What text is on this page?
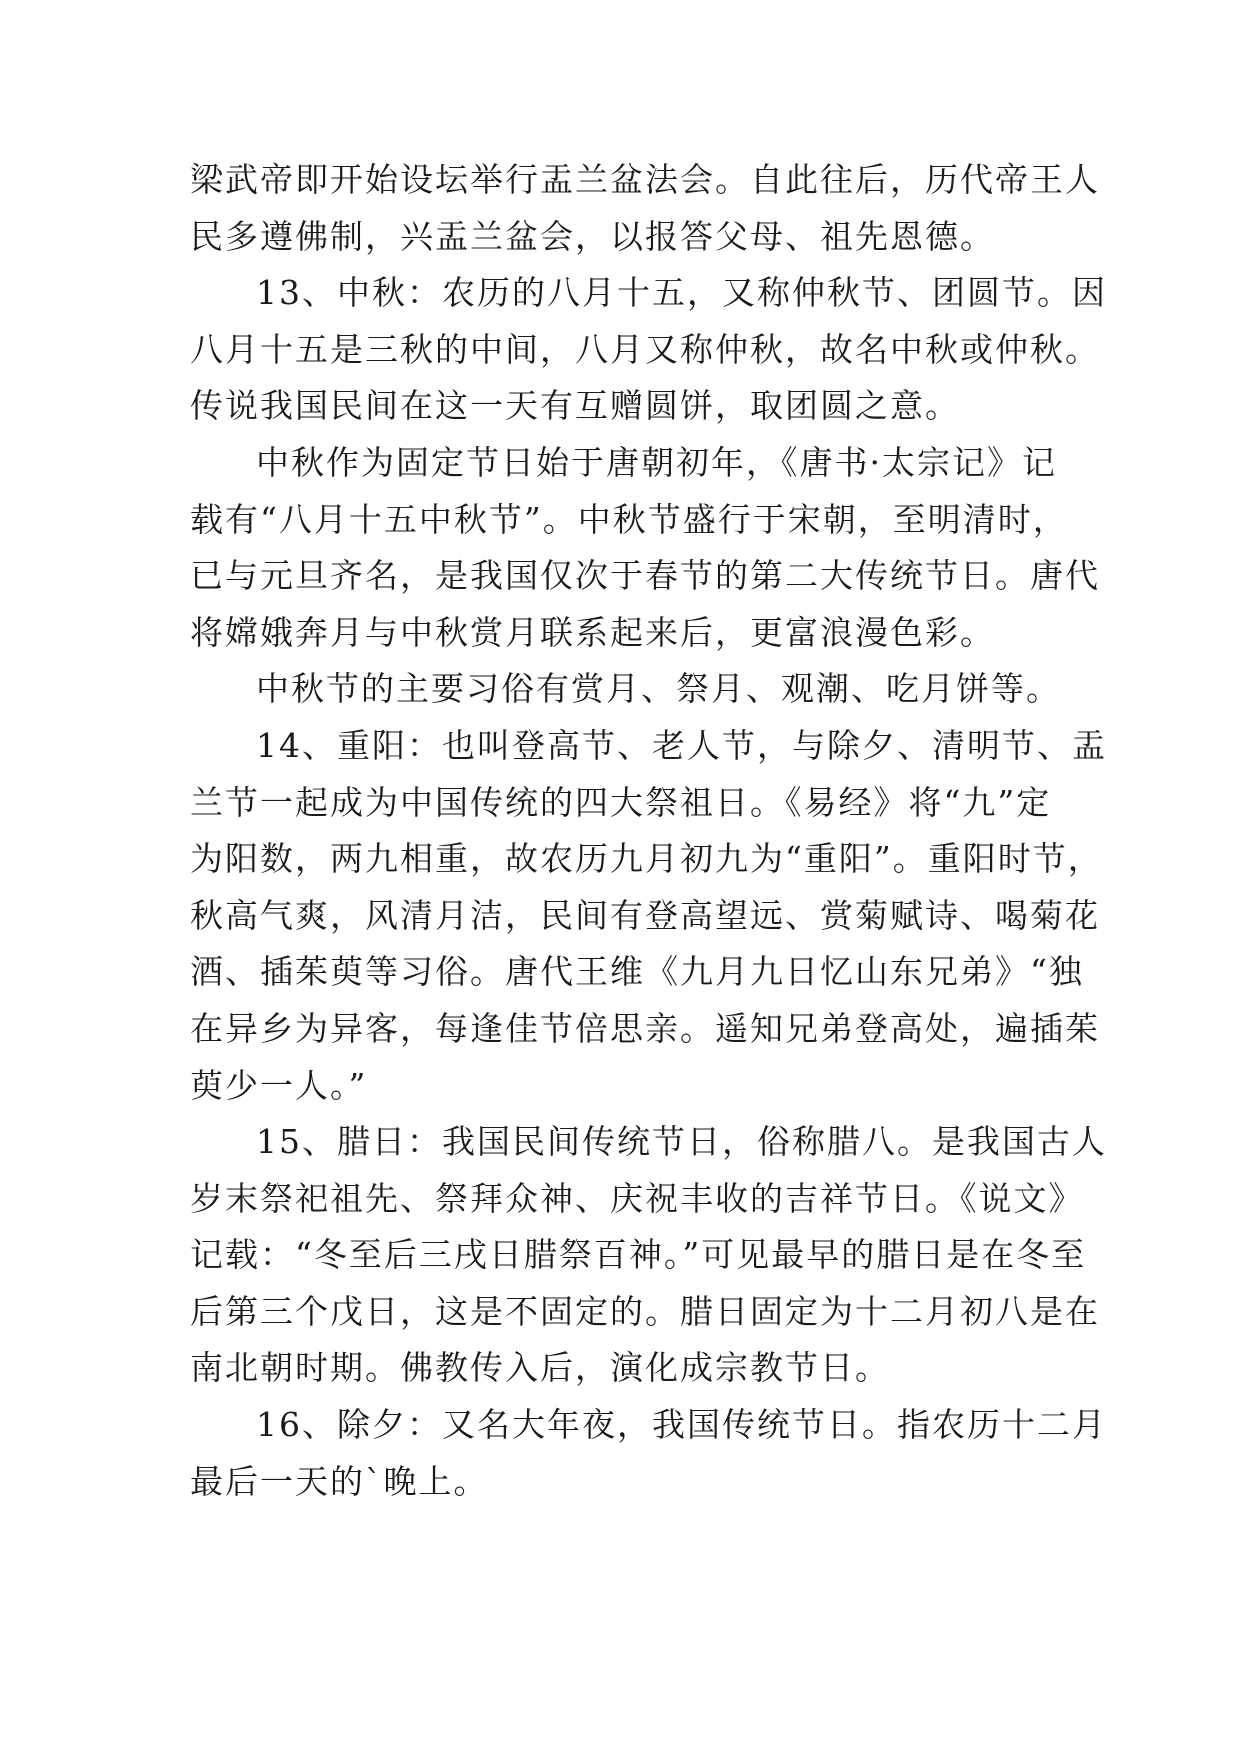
梁武帝即开始设坛举行盂兰盆法会。自此往后，历代帝王人
民多遵佛制，兴盂兰盆会，以报答父母、祖先恩德。
13、中秋：农历的八月十五，又称仲秋节、团圆节。因
八月十五是三秋的中间，八月又称仲秋，故名中秋或仲秋。
传说我国民间在这一天有互赠圆饼，取团圆之意。
中秋作为固定节日始于唐朝初年，《唐书·太宗记》记
载有“八月十五中秋节”。中秋节盛行于宋朝，至明清时，
已与元旦齐名，是我国仅次于春节的第二大传统节日。唐代
将嫦娥奔月与中秋赏月联系起来后，更富浪漫色彩。
中秋节的主要习俗有赏月、祭月、观潮、吃月饼等。
14、重阳：也叫登高节、老人节，与除夕、清明节、盂
兰节一起成为中国传统的四大祭祖日。《易经》将“九”定
为阳数，两九相重，故农历九月初九为“重阳”。重阳时节，
秋高气爽，风清月洁，民间有登高望远、赏菊赋诗、喝菊花
酒、插茱萸等习俗。唐代王维《九月九日忆山东兄弟》“独
在异乡为异客，每逢佳节倍思亲。遥知兄弟登高处，遍插茱
萸少一人。”
15、腊日：我国民间传统节日，俗称腊八。是我国古人
岁末祭祀祖先、祭拜众神、庆祝丰收的吉祥节日。《说文》
记载：“冬至后三戌日腊祭百神。”可见最早的腊日是在冬至
后第三个戊日，这是不固定的。腊日固定为十二月初八是在
南北朝时期。佛教传入后，演化成宗教节日。
16、除夕：又名大年夜，我国传统节日。指农历十二月
最后一天的`晚上。
